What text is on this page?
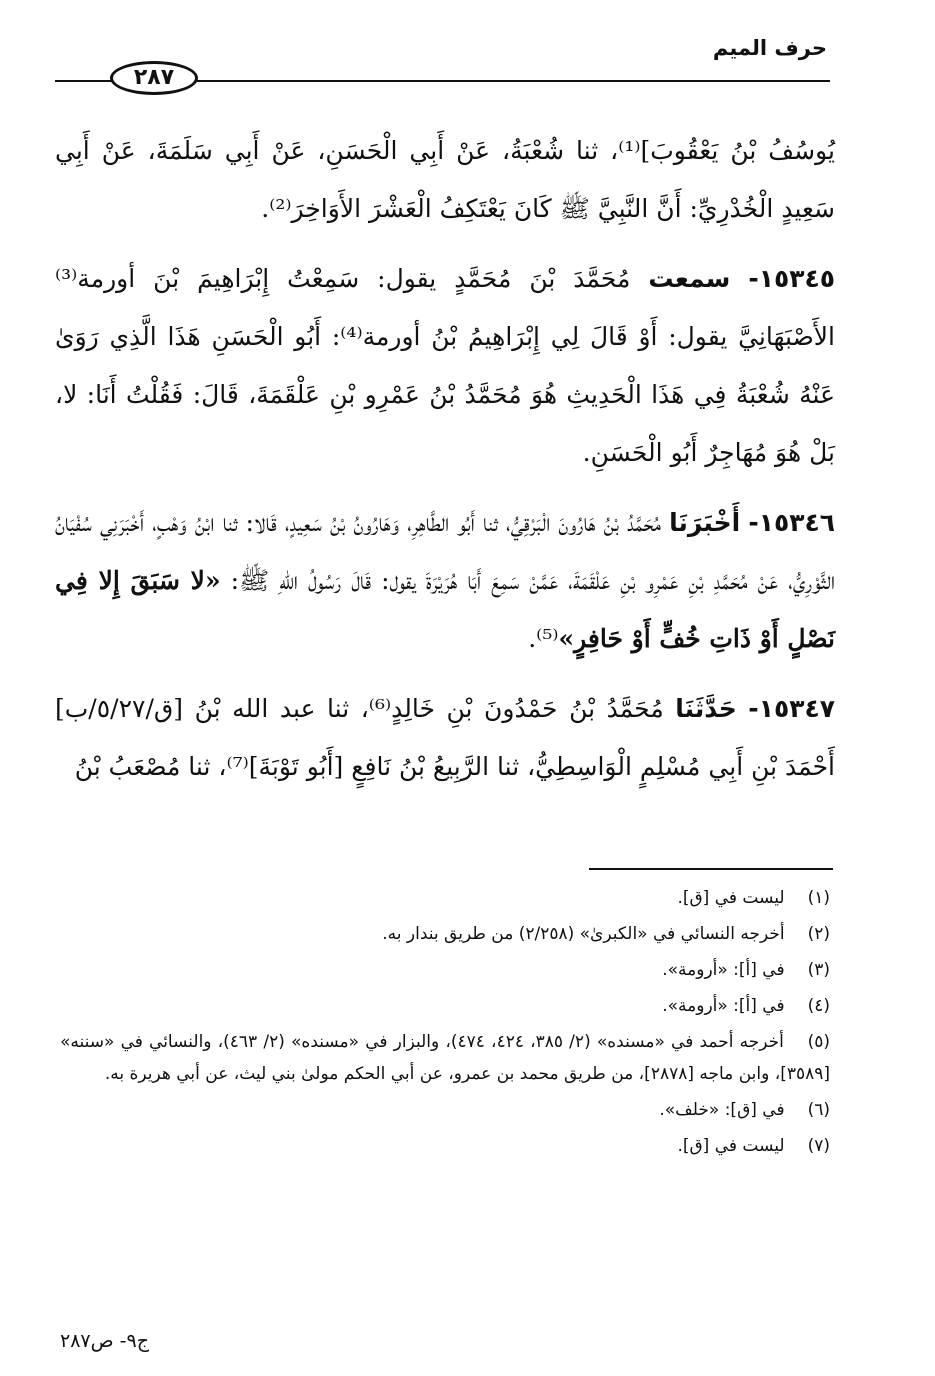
حرف الميم
٢٨٧

يُوسُفُ بْنُ يَعْقُوبَ]⁽¹⁾، ثنا شُعْبَةُ، عَنْ أَبِي الْحَسَنِ، عَنْ أَبِي سَلَمَةَ، عَنْ أَبِي سَعِيدٍ الْخُدْرِيِّ: أَنَّ النَّبِيَّ ﷺ كَانَ يَعْتَكِفُ الْعَشْرَ الأَوَاخِرَ⁽²⁾.

١٥٣٤٥- سمعت مُحَمَّدَ بْنَ مُحَمَّدٍ يقول: سَمِعْتُ إِبْرَاهِيمَ بْنَ أورمة⁽³⁾ الأَصْبَهَانِيَّ يقول: أَوْ قَالَ لِي إِبْرَاهِيمُ بْنُ أورمة⁽⁴⁾: أَبُو الْحَسَنِ هَذَا الَّذِي رَوَىٰ عَنْهُ شُعْبَةُ فِي هَذَا الْحَدِيثِ هُوَ مُحَمَّدُ بْنُ عَمْرِو بْنِ عَلْقَمَةَ، قَالَ: فَقُلْتُ أَنَا: لا، بَلْ هُوَ مُهَاجِرٌ أَبُو الْحَسَنِ.

١٥٣٤٦- أَخْبَرَنَا مُحَمَّدُ بْنُ هَارُونَ الْبَرْقِيُّ، ثنا أَبُو الطَّاهِرِ، وَهَارُونُ بْنُ سَعِيدٍ، قَالا: ثنا ابْنُ وَهْبٍ، أَخْبَرَنِي سُفْيَانُ الثَّوْرِيُّ، عَنْ مُحَمَّدِ بْنِ عَمْرِو بْنِ عَلْقَمَةَ، عَمَّنْ سَمِعَ أَبَا هُرَيْرَةَ يقول: قَالَ رَسُولُ اللهِ ﷺ: «لا سَبَقَ إِلا فِي نَصْلٍ أَوْ ذَاتِ خُفٍّ أَوْ حَافِرٍ»⁽⁵⁾.

١٥٣٤٧- حَدَّثَنَا مُحَمَّدُ بْنُ حَمْدُونَ بْنِ خَالِدٍ⁽⁶⁾، ثنا عبد الله بْنُ [ق/٥/٢٧/ب] أَحْمَدَ بْنِ أَبِي مُسْلِمٍ الْوَاسِطِيُّ، ثنا الرَّبِيعُ بْنُ نَافِعٍ [أَبُو تَوْبَةَ]⁽⁷⁾، ثنا مُصْعَبُ بْنُ

(١) ليست في [ق].

(٢) أخرجه النسائي في «الكبرىٰ» (٢/٢٥٨) من طريق بندار به.

(٣) في [أ]: «أرومة».

(٤) في [أ]: «أرومة».

(٥) أخرجه أحمد في «مسنده» (٢/ ٣٨٥، ٤٢٤، ٤٧٤)، والبزار في «مسنده» (٢/ ٤٦٣)، والنسائي في «سننه» [٣٥٨٩]، وابن ماجه [٢٨٧٨]، من طريق محمد بن عمرو، عن أبي الحكم مولىٰ بني ليث، عن أبي هريرة به.

(٦) في [ق]: «خلف».

(٧) ليست في [ق].

ج٩- ص٢٨٧
